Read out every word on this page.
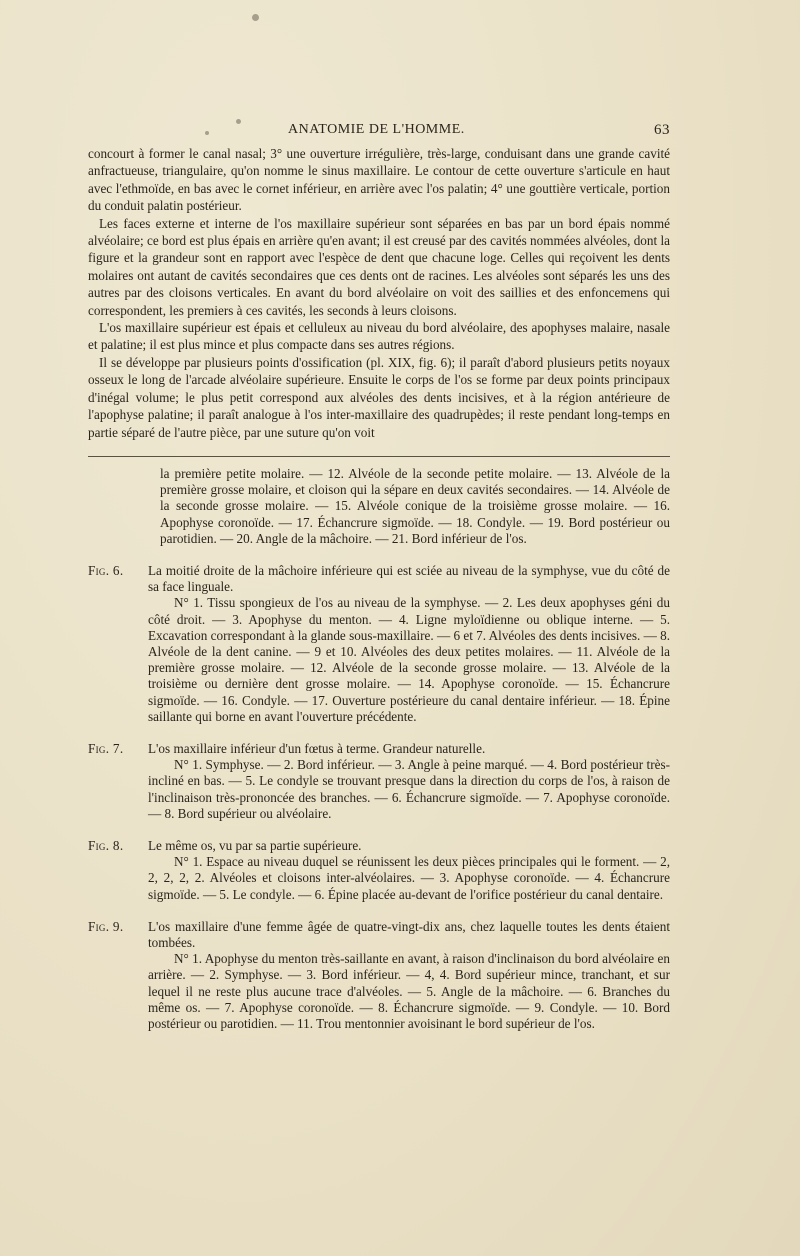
ANATOMIE DE L'HOMME.	63

concourt à former le canal nasal; 3° une ouverture irrégulière, très-large, conduisant dans une grande cavité anfractueuse, triangulaire, qu'on nomme le sinus maxillaire. Le contour de cette ouverture s'articule en haut avec l'ethmoïde, en bas avec le cornet inférieur, en arrière avec l'os palatin; 4° une gouttière verticale, portion du conduit palatin postérieur.

Les faces externe et interne de l'os maxillaire supérieur sont séparées en bas par un bord épais nommé alvéolaire; ce bord est plus épais en arrière qu'en avant; il est creusé par des cavités nommées alvéoles, dont la figure et la grandeur sont en rapport avec l'espèce de dent que chacune loge. Celles qui reçoivent les dents molaires ont autant de cavités secondaires que ces dents ont de racines. Les alvéoles sont séparés les uns des autres par des cloisons verticales. En avant du bord alvéolaire on voit des saillies et des enfoncemens qui correspondent, les premiers à ces cavités, les seconds à leurs cloisons.

L'os maxillaire supérieur est épais et celluleux au niveau du bord alvéolaire, des apophyses malaire, nasale et palatine; il est plus mince et plus compacte dans ses autres régions.

Il se développe par plusieurs points d'ossification (pl. XIX, fig. 6); il paraît d'abord plusieurs petits noyaux osseux le long de l'arcade alvéolaire supérieure. Ensuite le corps de l'os se forme par deux points principaux d'inégal volume; le plus petit correspond aux alvéoles des dents incisives, et à la région antérieure de l'apophyse palatine; il paraît analogue à l'os inter-maxillaire des quadrupèdes; il reste pendant long-temps en partie séparé de l'autre pièce, par une suture qu'on voit

la première petite molaire. — 12. Alvéole de la seconde petite molaire. — 13. Alvéole de la première grosse molaire, et cloison qui la sépare en deux cavités secondaires. — 14. Alvéole de la seconde grosse molaire. — 15. Alvéole conique de la troisième grosse molaire. — 16. Apophyse coronoïde. — 17. Échancrure sigmoïde. — 18. Condyle. — 19. Bord postérieur ou parotidien. — 20. Angle de la mâchoire. — 21. Bord inférieur de l'os.

Fig. 6.	La moitié droite de la mâchoire inférieure qui est sciée au niveau de la symphyse, vue du côté de sa face linguale.

N° 1. Tissu spongieux de l'os au niveau de la symphyse. — 2. Les deux apophyses géni du côté droit. — 3. Apophyse du menton. — 4. Ligne myloïdienne ou oblique interne. — 5. Excavation correspondant à la glande sous-maxillaire. — 6 et 7. Alvéoles des dents incisives. — 8. Alvéole de la dent canine. — 9 et 10. Alvéoles des deux petites molaires. — 11. Alvéole de la première grosse molaire. — 12. Alvéole de la seconde grosse molaire. — 13. Alvéole de la troisième ou dernière dent grosse molaire. — 14. Apophyse coronoïde. — 15. Échancrure sigmoïde. — 16. Condyle. — 17. Ouverture postérieure du canal dentaire inférieur. — 18. Épine saillante qui borne en avant l'ouverture précédente.

Fig. 7.	L'os maxillaire inférieur d'un fœtus à terme. Grandeur naturelle.

N° 1. Symphyse. — 2. Bord inférieur. — 3. Angle à peine marqué. — 4. Bord postérieur très-incliné en bas. — 5. Le condyle se trouvant presque dans la direction du corps de l'os, à raison de l'inclinaison très-prononcée des branches. — 6. Échancrure sigmoïde. — 7. Apophyse coronoïde. — 8. Bord supérieur ou alvéolaire.

Fig. 8.	Le même os, vu par sa partie supérieure.

N° 1. Espace au niveau duquel se réunissent les deux pièces principales qui le forment. — 2, 2, 2, 2, 2. Alvéoles et cloisons inter-alvéolaires. — 3. Apophyse coronoïde. — 4. Échancrure sigmoïde. — 5. Le condyle. — 6. Épine placée au-devant de l'orifice postérieur du canal dentaire.

Fig. 9.	L'os maxillaire d'une femme âgée de quatre-vingt-dix ans, chez laquelle toutes les dents étaient tombées.

N° 1. Apophyse du menton très-saillante en avant, à raison d'inclinaison du bord alvéolaire en arrière. — 2. Symphyse. — 3. Bord inférieur. — 4, 4. Bord supérieur mince, tranchant, et sur lequel il ne reste plus aucune trace d'alvéoles. — 5. Angle de la mâchoire. — 6. Branches du même os. — 7. Apophyse coronoïde. — 8. Échancrure sigmoïde. — 9. Condyle. — 10. Bord postérieur ou parotidien. — 11. Trou mentonnier avoisinant le bord supérieur de l'os.
